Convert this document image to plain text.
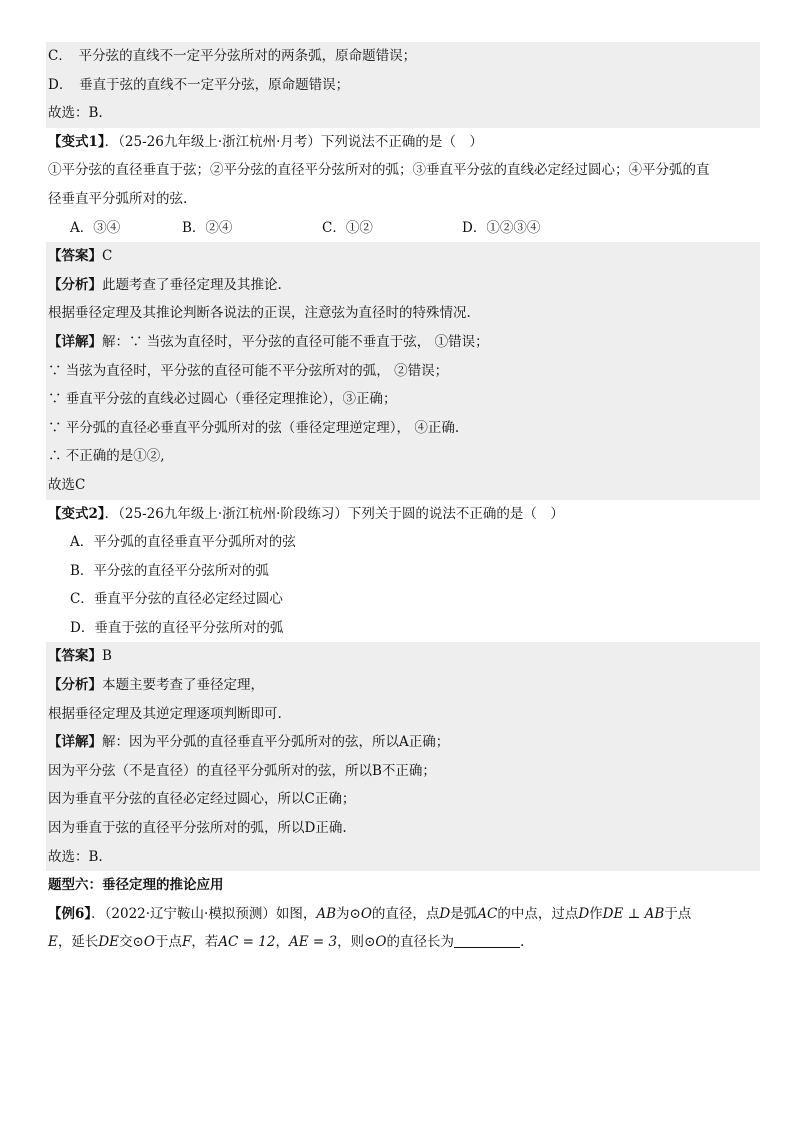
C．　平分弦的直线不一定平分弦所对的两条弧，原命题错误；
D．　垂直于弦的直线不一定平分弦，原命题错误；
故选：B.
【变式1】．（25-26九年级上·浙江杭州·月考）下列说法不正确的是（　）
①平分弦的直径垂直于弦；②平分弦的直径平分弦所对的弧；③垂直平分弦的直线必定经过圆心；④平分弧的直
径垂直平分弧所对的弦.
A．③④	B．②④	C．①②	D．①②③④
【答案】C
【分析】此题考查了垂径定理及其推论.
根据垂径定理及其推论判断各说法的正误，注意弦为直径时的特殊情况.
【详解】解：∵ 当弦为直径时，平分弦的直径可能不垂直于弦， ①错误；
∵ 当弦为直径时，平分弦的直径可能不平分弦所对的弧， ②错误；
∵ 垂直平分弦的直线必过圆心（垂径定理推论），③正确；
∵ 平分弧的直径必垂直平分弧所对的弦（垂径定理逆定理）， ④正确.
∴ 不正确的是①②,
故选C
【变式2】．（25-26九年级上·浙江杭州·阶段练习）下列关于圆的说法不正确的是（　）
A．平分弧的直径垂直平分弧所对的弦
B．平分弦的直径平分弦所对的弧
C．垂直平分弦的直径必定经过圆心
D．垂直于弦的直径平分弦所对的弧
【答案】B
【分析】本题主要考查了垂径定理，
根据垂径定理及其逆定理逐项判断即可.
【详解】解：因为平分弧的直径垂直平分弧所对的弦，所以A正确；
因为平分弦（不是直径）的直径平分弧所对的弦，所以B不正确；
因为垂直平分弦的直径必定经过圆心，所以C正确；
因为垂直于弦的直径平分弦所对的弧，所以D正确.
故选：B.
题型六：垂径定理的推论应用
【例6】．（2022·辽宁鞍山·模拟预测）如图，AB为⊙O的直径，点D是弧AC的中点，过点D作DE ⊥ AB于点
E，延长DE交⊙O于点F，若AC = 12，AE = 3，则⊙O的直径长为	.
